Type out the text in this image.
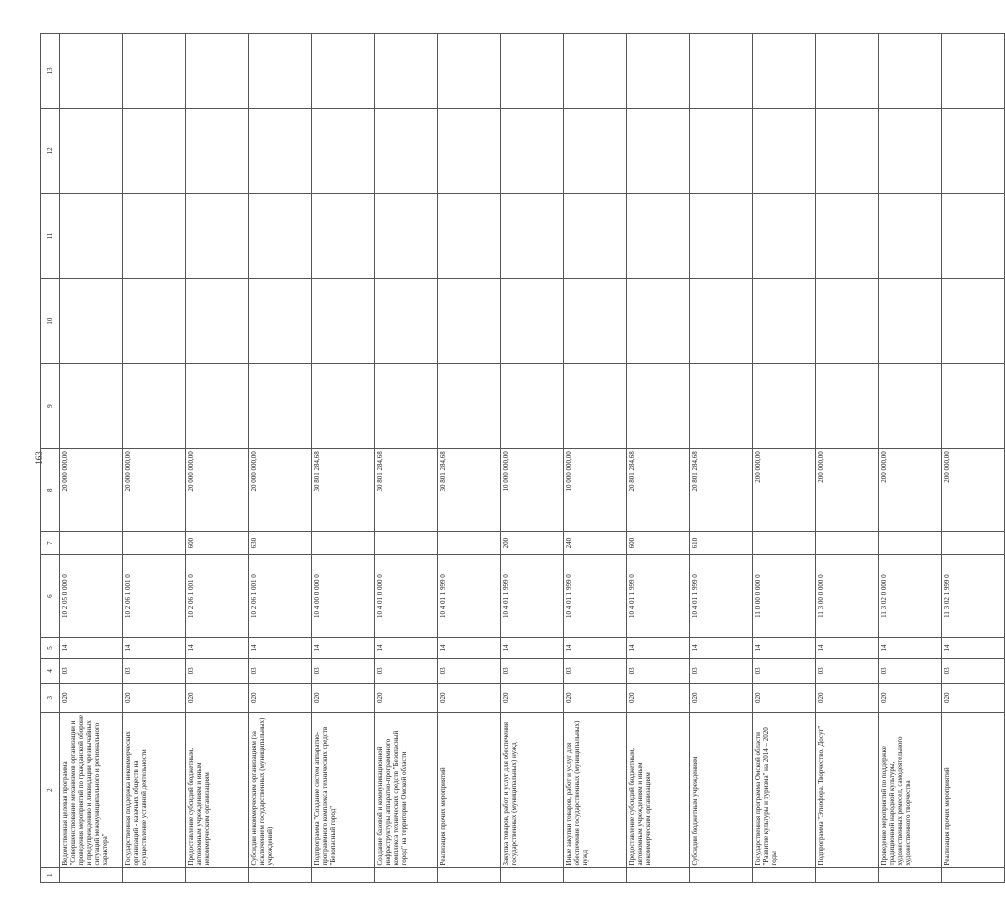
163
1	2	3	4	5	6	7	8	9	10	11	12	13
	Ведомственная целевая программа "Совершенствование механизмов организации и проведения мероприятий по гражданской обороне и предупреждению и ликвидации чрезвычайных ситуаций межмуниципального и регионального характера"	020	03	14	10 2 05 0 000 0		20 000 000,00					
	Государственная поддержка некоммерческих организаций - казачьих обществ на осуществление уставной деятельности	020	03	14	10 2 06 1 001 0		20 000 000,00					
	Предоставление субсидий бюджетным, автономным учреждениям и иным некоммерческим организациям	020	03	14	10 2 06 1 001 0	600	20 000 000,00					
	Субсидии некоммерческим организациям (за исключением государственных (муниципальных) учреждений)	020	03	14	10 2 06 1 001 0	630	20 000 000,00					
	Подпрограмма "Создание систем аппаратно-программного комплекса технических средств "Безопасный город"	020	03	14	10 4 00 0 000 0		30 801 284,68					
	Создание базовой и коммуникационной инфраструктуры аппаратно-программного комплекса технических средств "Безопасный город" на территории Омской области	020	03	14	10 4 01 0 000 0		30 801 284,68					
	Реализация прочих мероприятий	020	03	14	10 4 01 1 999 0		30 801 284,68					
	Закупка товаров, работ и услуг для обеспечения государственных (муниципальных) нужд	020	03	14	10 4 01 1 999 0	200	10 000 000,00					
	Иные закупки товаров, работ и услуг для обеспечения государственных (муниципальных) нужд	020	03	14	10 4 01 1 999 0	240	10 000 000,00					
	Предоставление субсидий бюджетным, автономным учреждениям и иным некоммерческим организациям	020	03	14	10 4 01 1 999 0	600	20 801 284,68					
	Субсидии бюджетным учреждениям	020	03	14	10 4 01 1 999 0	610	20 801 284,68					
	Государственная программа Омской области "Развитие культуры и туризма" на 2014 – 2020 годы	020	03	14	11 0 00 0 000 0		200 000,00					
	Подпрограмма "Этнофора. Творчество. Досуг"	020	03	14	11 3 00 0 000 0		200 000,00					
	Проведение мероприятий по поддержке традиционной народной культуры, художественных ремесел, самодеятельного художественного творчества	020	03	14	11 3 02 0 000 0		200 000,00					
	Реализация прочих мероприятий	020	03	14	11 3 02 1 999 0		200 000,00					
